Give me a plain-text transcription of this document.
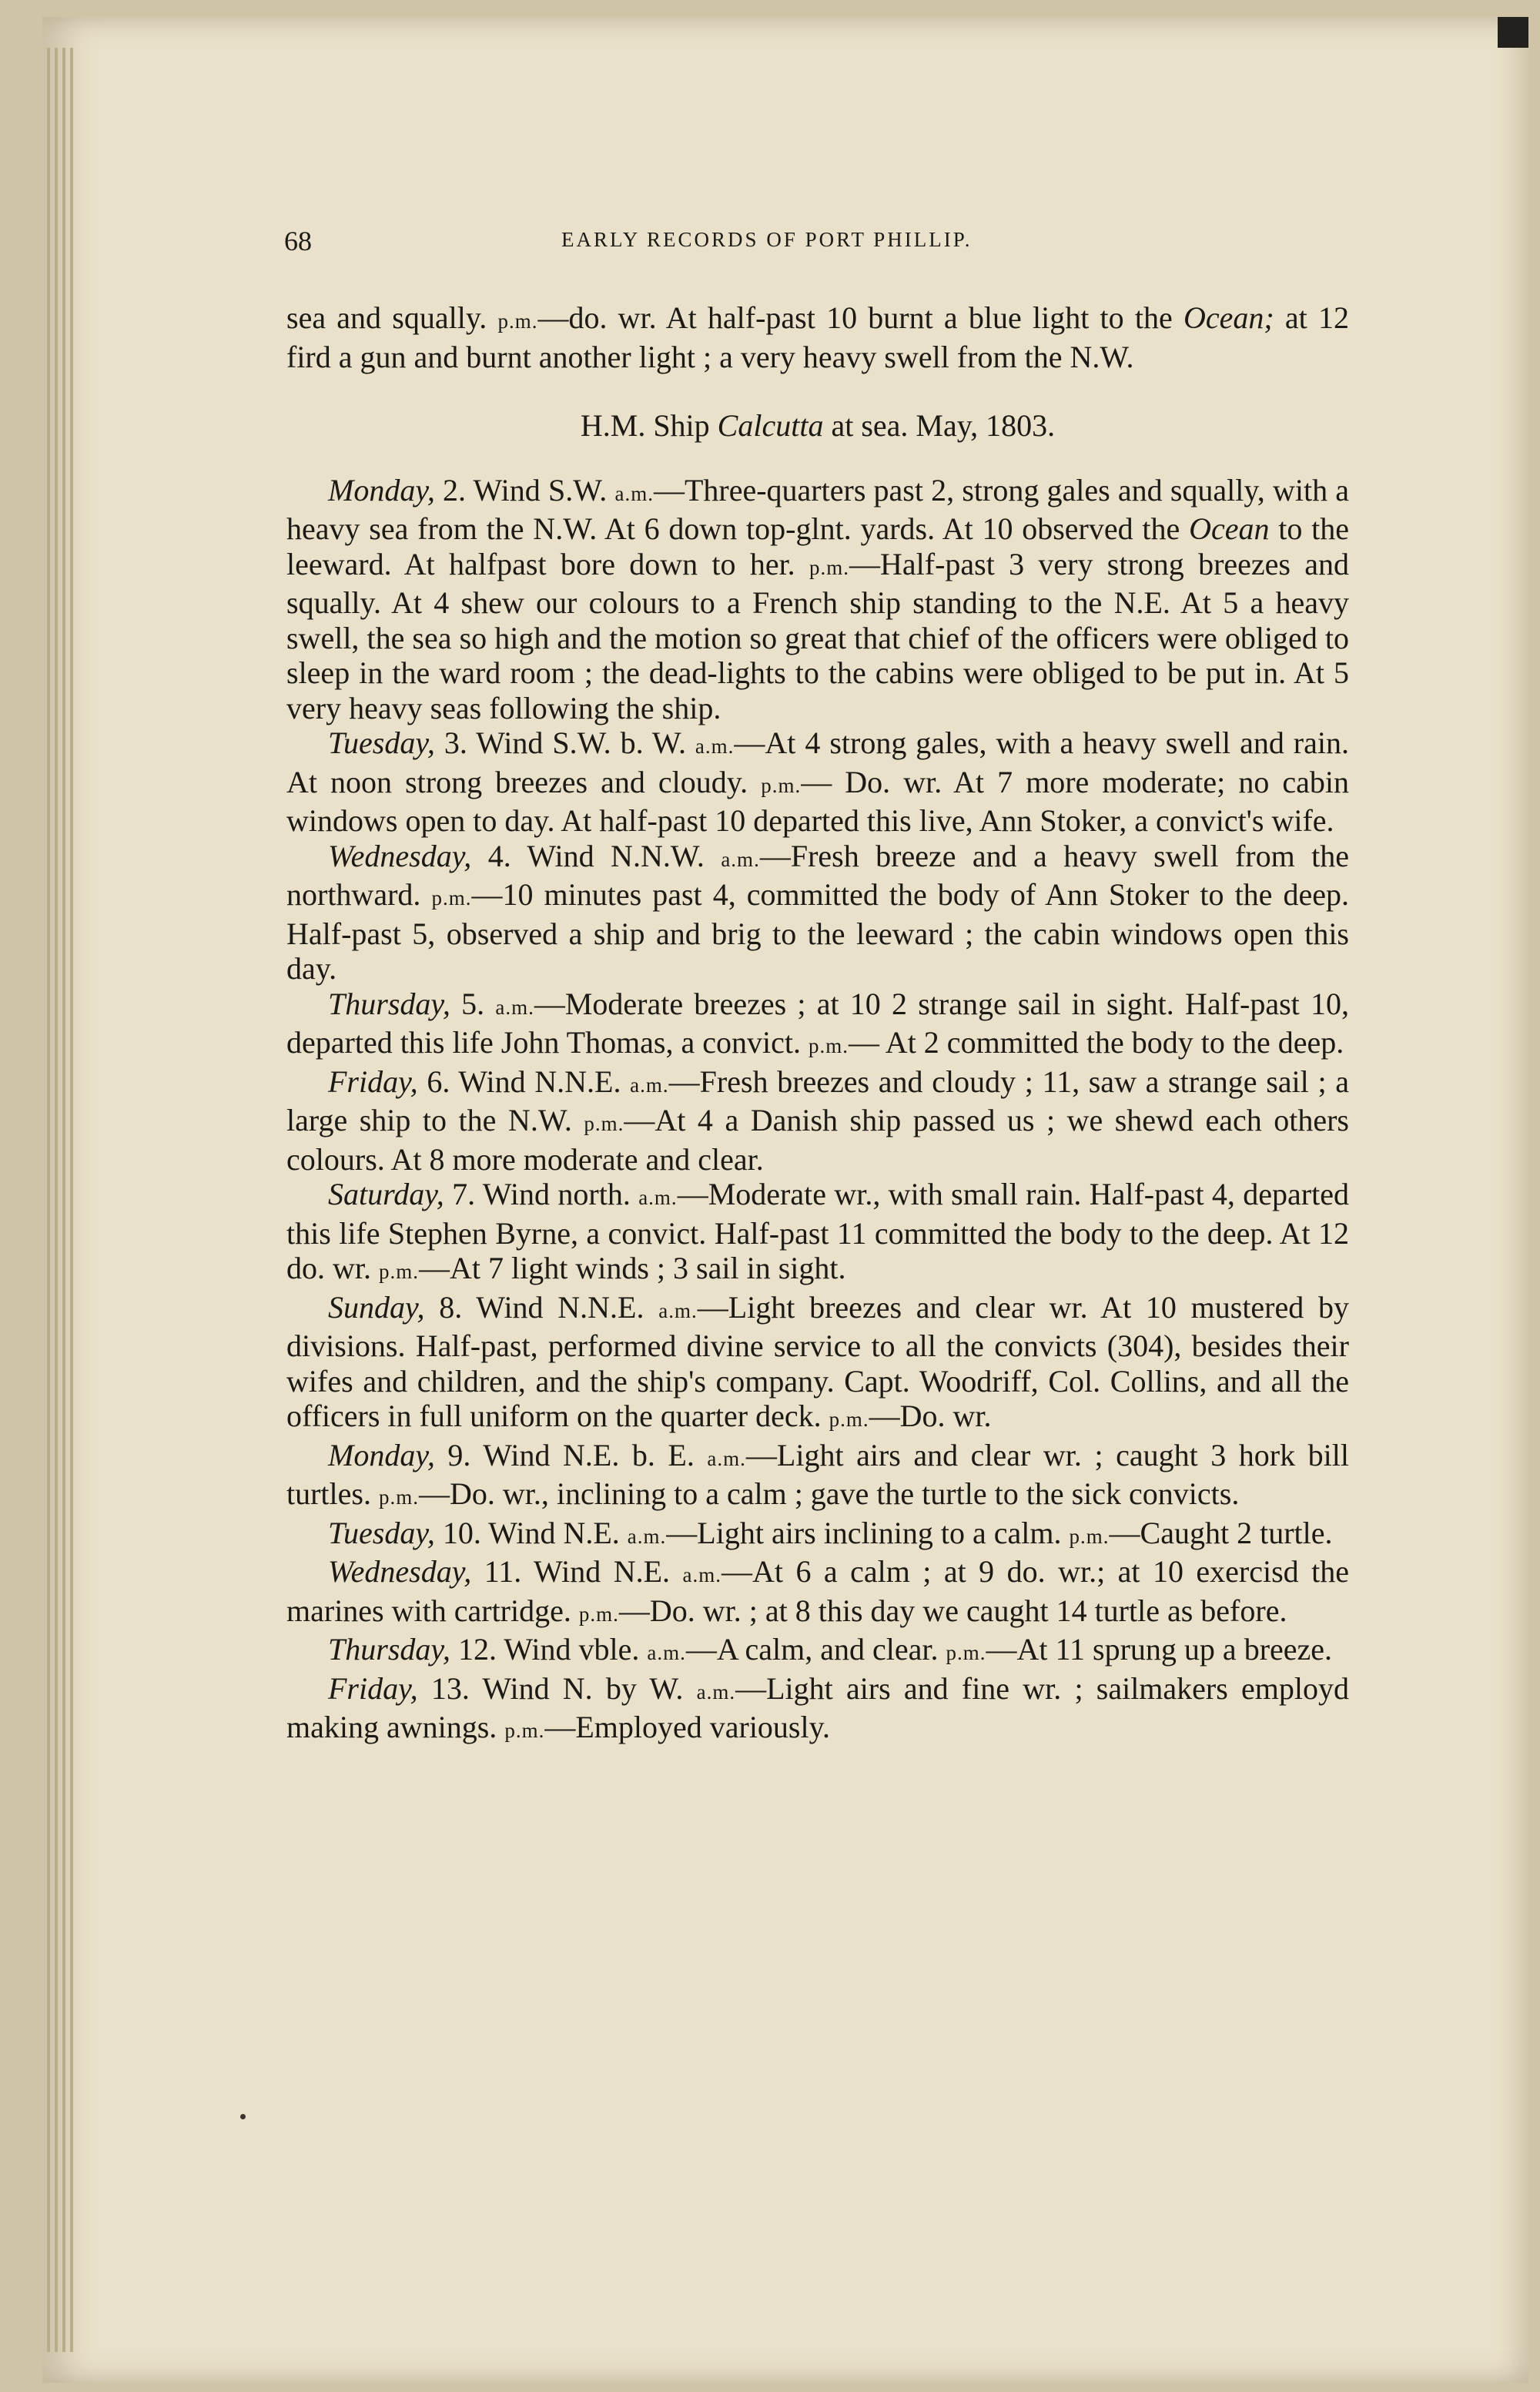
68	EARLY RECORDS OF PORT PHILLIP.

sea and squally. p.m.—do. wr. At half-past 10 burnt a blue light to the Ocean; at 12 fird a gun and burnt another light ; a very heavy swell from the N.W.

H.M. Ship Calcutta at sea. May, 1803.

Monday, 2. Wind S.W. a.m.—Three-quarters past 2, strong gales and squally, with a heavy sea from the N.W. At 6 down top-glnt. yards. At 10 observed the Ocean to the leeward. At halfpast bore down to her. p.m.—Half-past 3 very strong breezes and squally. At 4 shew our colours to a French ship standing to the N.E. At 5 a heavy swell, the sea so high and the motion so great that chief of the officers were obliged to sleep in the ward room ; the dead-lights to the cabins were obliged to be put in. At 5 very heavy seas following the ship.

Tuesday, 3. Wind S.W. b. W. a.m.—At 4 strong gales, with a heavy swell and rain. At noon strong breezes and cloudy. p.m.— Do. wr. At 7 more moderate; no cabin windows open to day. At half-past 10 departed this live, Ann Stoker, a convict's wife.

Wednesday, 4. Wind N.N.W. a.m.—Fresh breeze and a heavy swell from the northward. p.m.—10 minutes past 4, committed the body of Ann Stoker to the deep. Half-past 5, observed a ship and brig to the leeward ; the cabin windows open this day.

Thursday, 5. a.m.—Moderate breezes ; at 10 2 strange sail in sight. Half-past 10, departed this life John Thomas, a convict. p.m.— At 2 committed the body to the deep.

Friday, 6. Wind N.N.E. a.m.—Fresh breezes and cloudy ; 11, saw a strange sail ; a large ship to the N.W. p.m.—At 4 a Danish ship passed us ; we shewd each others colours. At 8 more moderate and clear.

Saturday, 7. Wind north. a.m.—Moderate wr., with small rain. Half-past 4, departed this life Stephen Byrne, a convict. Half-past 11 committed the body to the deep. At 12 do. wr. p.m.—At 7 light winds ; 3 sail in sight.

Sunday, 8. Wind N.N.E. a.m.—Light breezes and clear wr. At 10 mustered by divisions. Half-past, performed divine service to all the convicts (304), besides their wifes and children, and the ship's company. Capt. Woodriff, Col. Collins, and all the officers in full uniform on the quarter deck. p.m.—Do. wr.

Monday, 9. Wind N.E. b. E. a.m.—Light airs and clear wr. ; caught 3 hork bill turtles. p.m.—Do. wr., inclining to a calm ; gave the turtle to the sick convicts.

Tuesday, 10. Wind N.E. a.m.—Light airs inclining to a calm. p.m.—Caught 2 turtle.

Wednesday, 11. Wind N.E. a.m.—At 6 a calm ; at 9 do. wr.; at 10 exercisd the marines with cartridge. p.m.—Do. wr. ; at 8 this day we caught 14 turtle as before.

Thursday, 12. Wind vble. a.m.—A calm, and clear. p.m.—At 11 sprung up a breeze.

Friday, 13. Wind N. by W. a.m.—Light airs and fine wr. ; sailmakers employd making awnings. p.m.—Employed variously.
